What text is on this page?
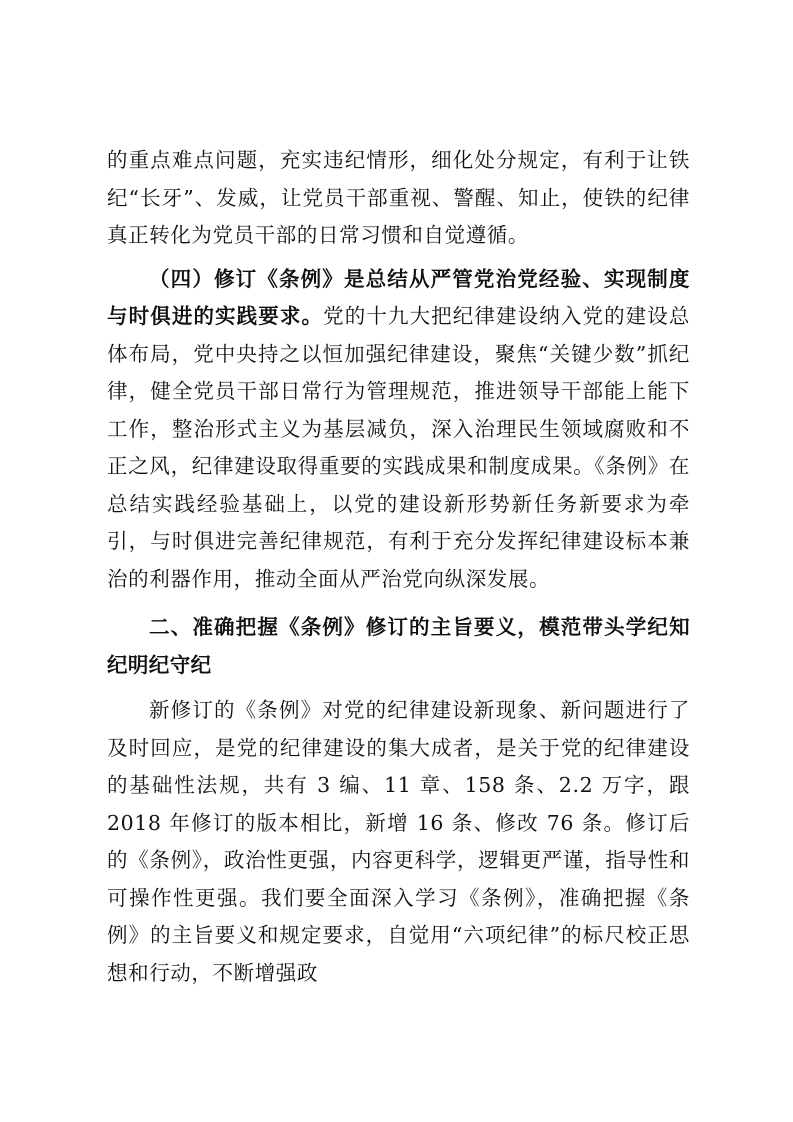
的重点难点问题，充实违纪情形，细化处分规定，有利于让铁纪“长牙”、发威，让党员干部重视、警醒、知止，使铁的纪律真正转化为党员干部的日常习惯和自觉遵循。

（四）修订《条例》是总结从严管党治党经验、实现制度与时俱进的实践要求。党的十九大把纪律建设纳入党的建设总体布局，党中央持之以恒加强纪律建设，聚焦“关键少数”抓纪律，健全党员干部日常行为管理规范，推进领导干部能上能下工作，整治形式主义为基层减负，深入治理民生领域腐败和不正之风，纪律建设取得重要的实践成果和制度成果。《条例》在总结实践经验基础上，以党的建设新形势新任务新要求为牵引，与时俱进完善纪律规范，有利于充分发挥纪律建设标本兼治的利器作用，推动全面从严治党向纵深发展。

二、准确把握《条例》修订的主旨要义，模范带头学纪知纪明纪守纪

新修订的《条例》对党的纪律建设新现象、新问题进行了及时回应，是党的纪律建设的集大成者，是关于党的纪律建设的基础性法规，共有 3 编、11 章、158 条、2.2 万字，跟 2018 年修订的版本相比，新增 16 条、修改 76 条。修订后的《条例》，政治性更强，内容更科学，逻辑更严谨，指导性和可操作性更强。我们要全面深入学习《条例》，准确把握《条例》的主旨要义和规定要求，自觉用“六项纪律”的标尺校正思想和行动，不断增强政
